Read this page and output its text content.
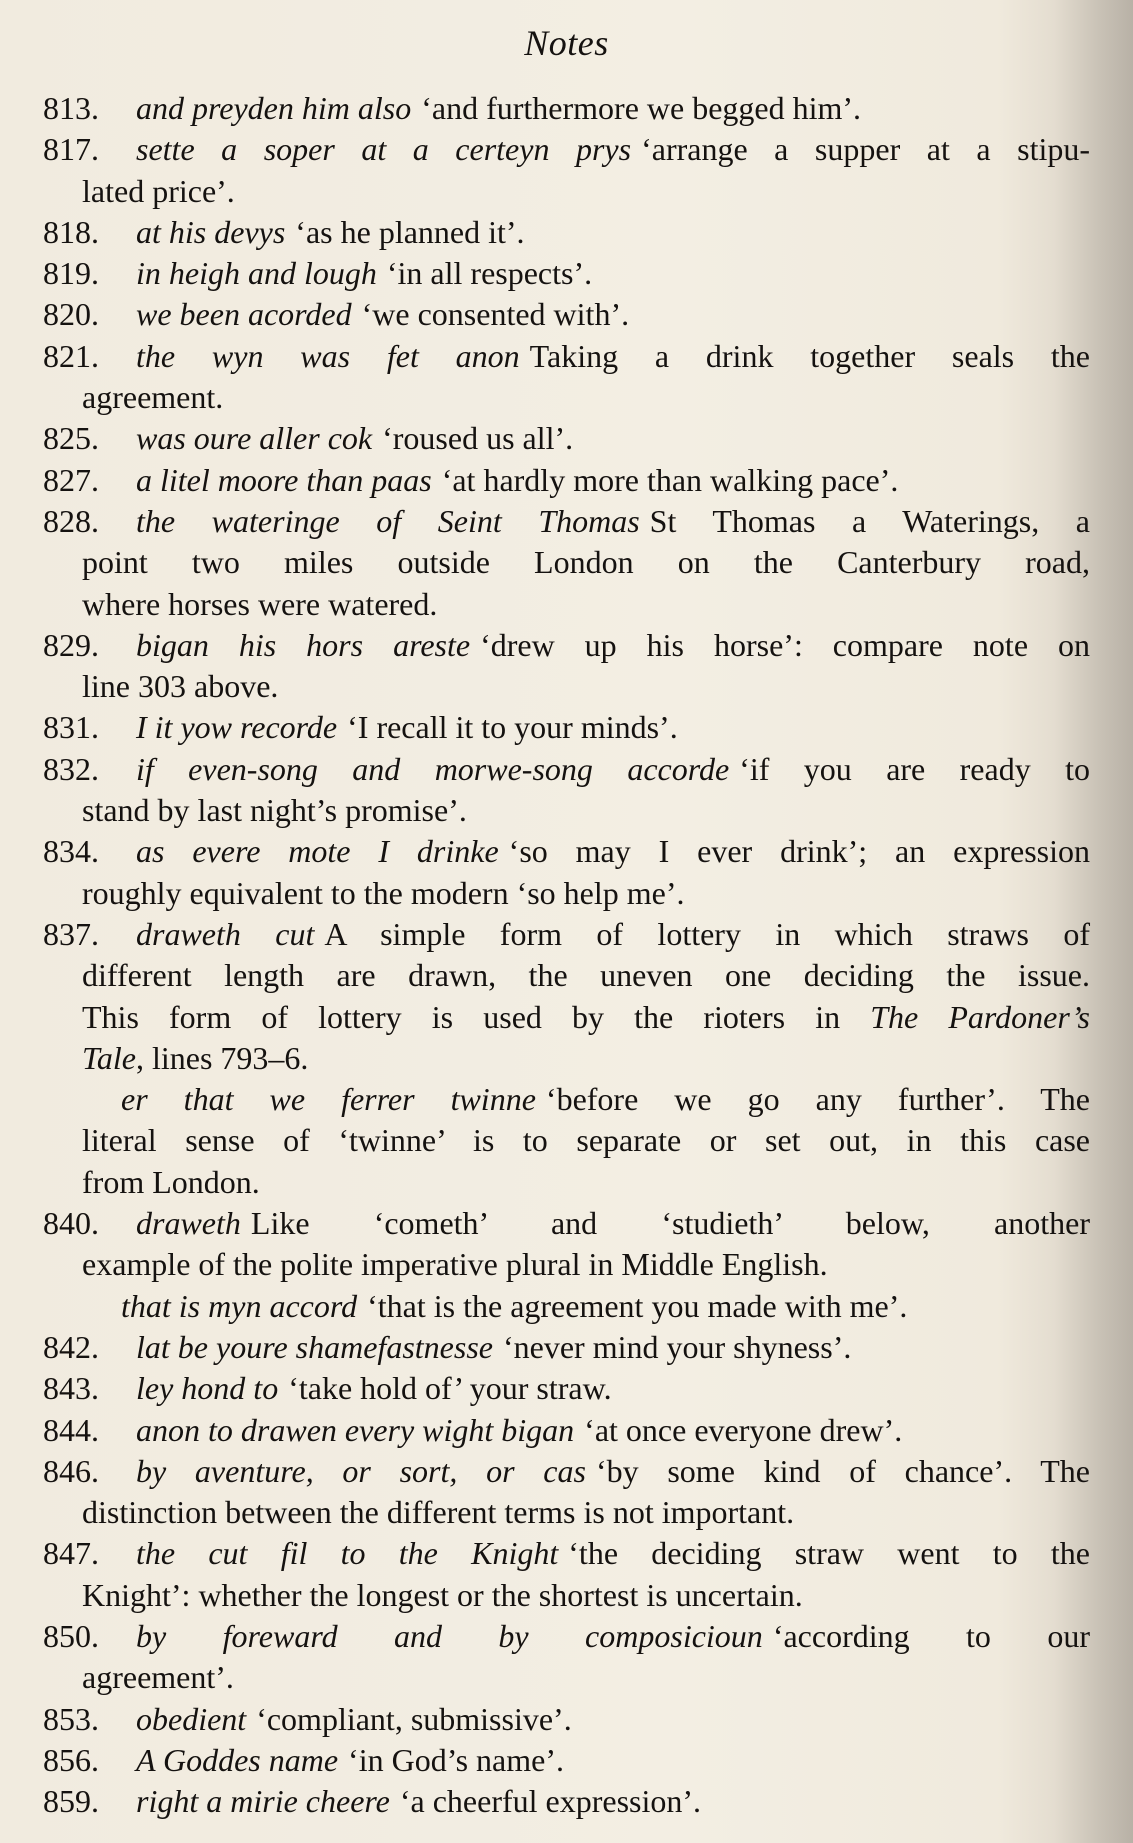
Notes
813. and preyden him also ‘and furthermore we begged him’.
817. sette a soper at a certeyn prys ‘arrange a supper at a stipu-
lated price’.
818. at his devys ‘as he planned it’.
819. in heigh and lough ‘in all respects’.
820. we been acorded ‘we consented with’.
821. the wyn was fet anon Taking a drink together seals the
agreement.
825. was oure aller cok ‘roused us all’.
827. a litel moore than paas ‘at hardly more than walking pace’.
828. the wateringe of Seint Thomas St Thomas a Waterings, a
point two miles outside London on the Canterbury road,
where horses were watered.
829. bigan his hors areste ‘drew up his horse’: compare note on
line 303 above.
831. I it yow recorde ‘I recall it to your minds’.
832. if even-song and morwe-song accorde ‘if you are ready to
stand by last night’s promise’.
834. as evere mote I drinke ‘so may I ever drink’; an expression
roughly equivalent to the modern ‘so help me’.
837. draweth cut A simple form of lottery in which straws of
different length are drawn, the uneven one deciding the issue.
This form of lottery is used by the rioters in The Pardoner’s
Tale, lines 793–6.
er that we ferrer twinne ‘before we go any further’. The
literal sense of ‘twinne’ is to separate or set out, in this case
from London.
840. draweth Like ‘cometh’ and ‘studieth’ below, another
example of the polite imperative plural in Middle English.
that is myn accord ‘that is the agreement you made with me’.
842. lat be youre shamefastnesse ‘never mind your shyness’.
843. ley hond to ‘take hold of’ your straw.
844. anon to drawen every wight bigan ‘at once everyone drew’.
846. by aventure, or sort, or cas ‘by some kind of chance’. The
distinction between the different terms is not important.
847. the cut fil to the Knight ‘the deciding straw went to the
Knight’: whether the longest or the shortest is uncertain.
850. by foreward and by composicioun ‘according to our
agreement’.
853. obedient ‘compliant, submissive’.
856. A Goddes name ‘in God’s name’.
859. right a mirie cheere ‘a cheerful expression’.
